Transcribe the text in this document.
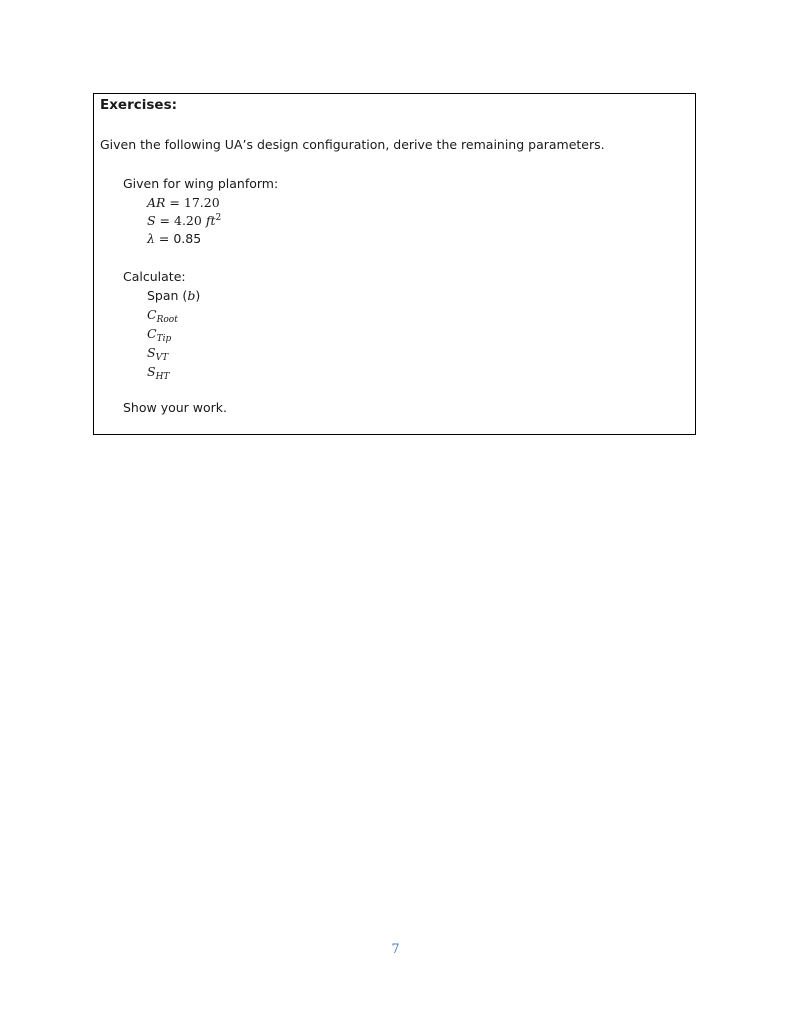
Exercises:
Given the following UA’s design configuration, derive the remaining parameters.
Given for wing planform:
AR = 17.20
S = 4.20 $ft^2$
λ = 0.85
Calculate:
Span (b)
$C_{Root}$
$C_{Tip}$
$S_{VT}$
$S_{HT}$
Show your work.
7
